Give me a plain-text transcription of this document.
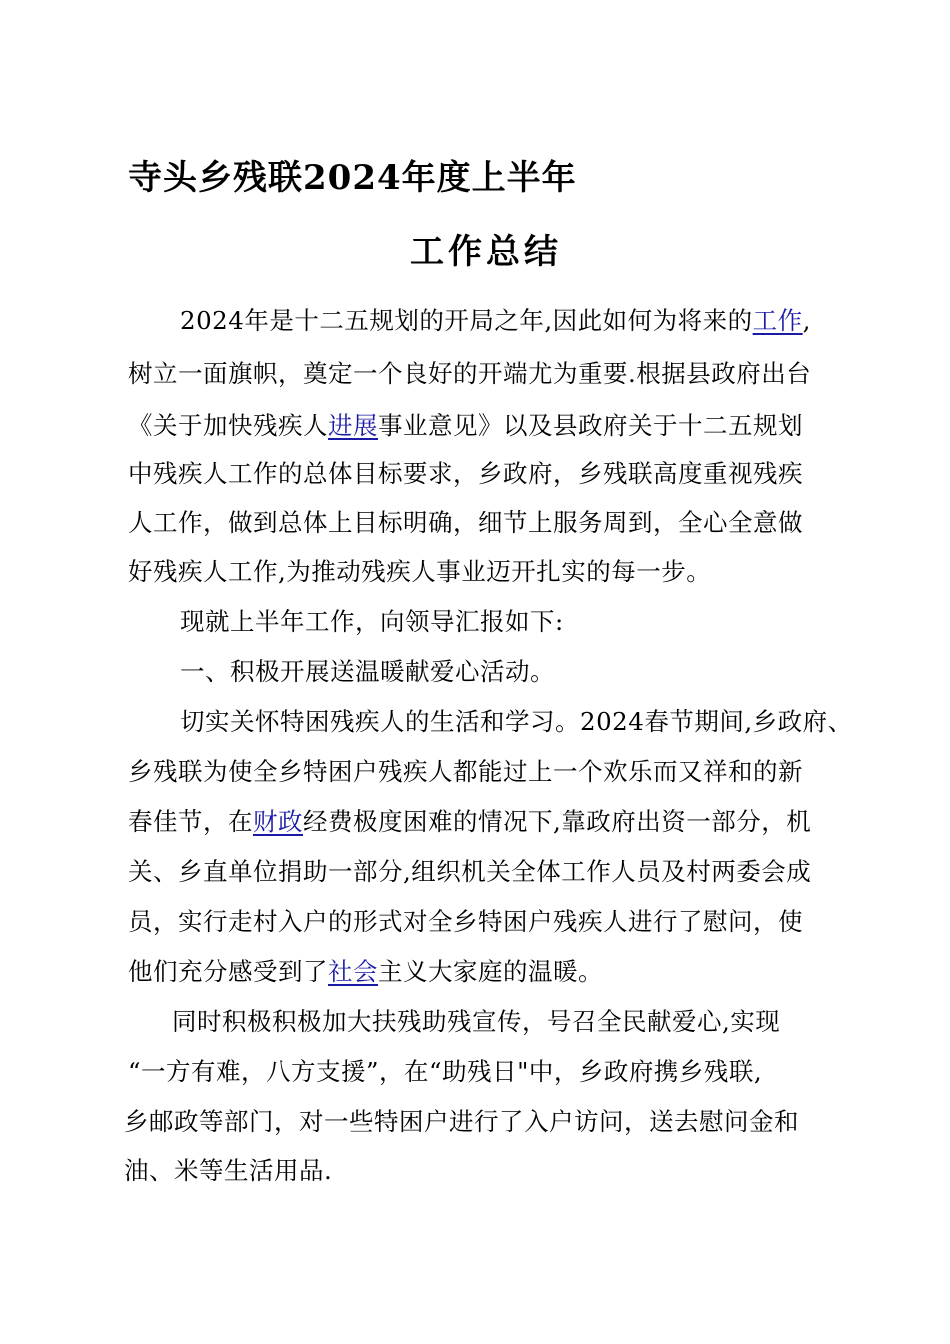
寺头乡残联2024年度上半年
工作总结
2024年是十二五规划的开局之年,因此如何为将来的工作,
树立一面旗帜，奠定一个良好的开端尤为重要.根据县政府出台
《关于加快残疾人进展事业意见》以及县政府关于十二五规划
中残疾人工作的总体目标要求，乡政府，乡残联高度重视残疾
人工作，做到总体上目标明确，细节上服务周到，全心全意做
好残疾人工作,为推动残疾人事业迈开扎实的每一步。
现就上半年工作，向领导汇报如下:
一、积极开展送温暖献爱心活动。
切实关怀特困残疾人的生活和学习。2024春节期间,乡政府、
乡残联为使全乡特困户残疾人都能过上一个欢乐而又祥和的新
春佳节，在财政经费极度困难的情况下,靠政府出资一部分，机
关、乡直单位捐助一部分,组织机关全体工作人员及村两委会成
员，实行走村入户的形式对全乡特困户残疾人进行了慰问，使
他们充分感受到了社会主义大家庭的温暖。
同时积极积极加大扶残助残宣传，号召全民献爱心,实现
“一方有难，八方支援”，在“助残日"中，乡政府携乡残联,
乡邮政等部门，对一些特困户进行了入户访问，送去慰问金和
油、米等生活用品.
